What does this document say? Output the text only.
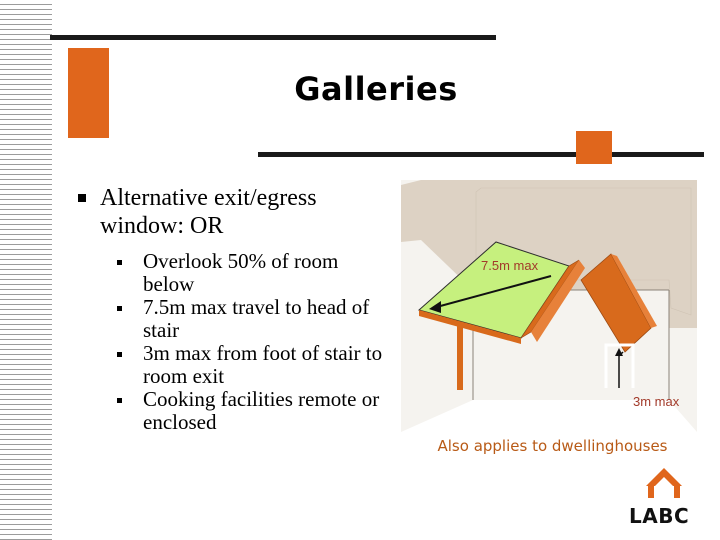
Galleries
Alternative exit/egress window: OR
Overlook 50% of room below
7.5m max travel to head of stair
3m max from foot of stair to room exit
Cooking facilities remote or enclosed
7.5m max
3m max
Also applies to dwellinghouses
LABC
